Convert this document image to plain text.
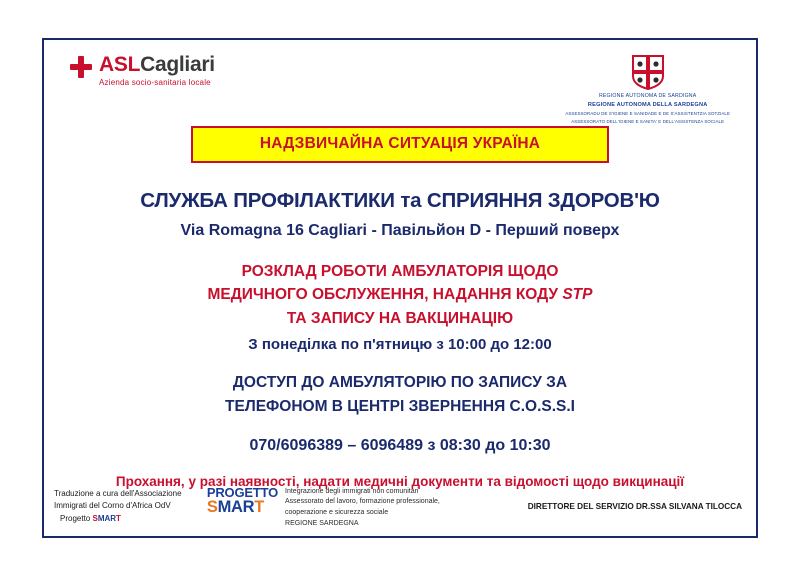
ASLCagliari
Azienda socio-sanitaria locale
REGIONE AUTONOMA DE SARDIGNA
REGIONE AUTONOMA DELLA SARDEGNA
ASSESSORADU DE S'IGIENE E SANIDADE E DE S'ASSISTENTZIA SOTZIALE
ASSESSORATO DELL'IGIENE E SANITA' E DELL'ASSISTENZA SOCIALE
НАДЗВИЧАЙНА СИТУАЦІЯ УКРАЇНА
СЛУЖБА ПРОФІЛАКТИКИ та СПРИЯННЯ ЗДОРОВ'Ю
Via Romagna 16 Cagliari - Павільйон D - Перший поверх
РОЗКЛАД РОБОТИ АМБУЛАТОРІЯ ЩОДО
МЕДИЧНОГО ОБСЛУЖЕННЯ, НАДАННЯ КОДУ STP
ТА ЗАПИСУ НА ВАКЦИНАЦІЮ
З понеділка по п'ятницю з 10:00 до 12:00
ДОСТУП ДО АМБУЛЯТОРІЮ ПО ЗАПИСУ ЗА
ТЕЛЕФОНОМ В ЦЕНТРІ ЗВЕРНЕННЯ C.O.S.S.I
070/6096389 – 6096489 з 08:30 до 10:30
Прохання, у разі наявності, надати медичні документи та відомості щодо викцинації
Traduzione a cura dell'Associazione
Immigrati del Corno d'Africa OdV
Progetto SMART
PROGETTO
SMART
Integrazione degli immigrati non comunitari
Assessorato del lavoro, formazione professionale,
cooperazione e sicurezza sociale
REGIONE SARDEGNA
DIRETTORE DEL SERVIZIO DR.SSA SILVANA TILOCCA
